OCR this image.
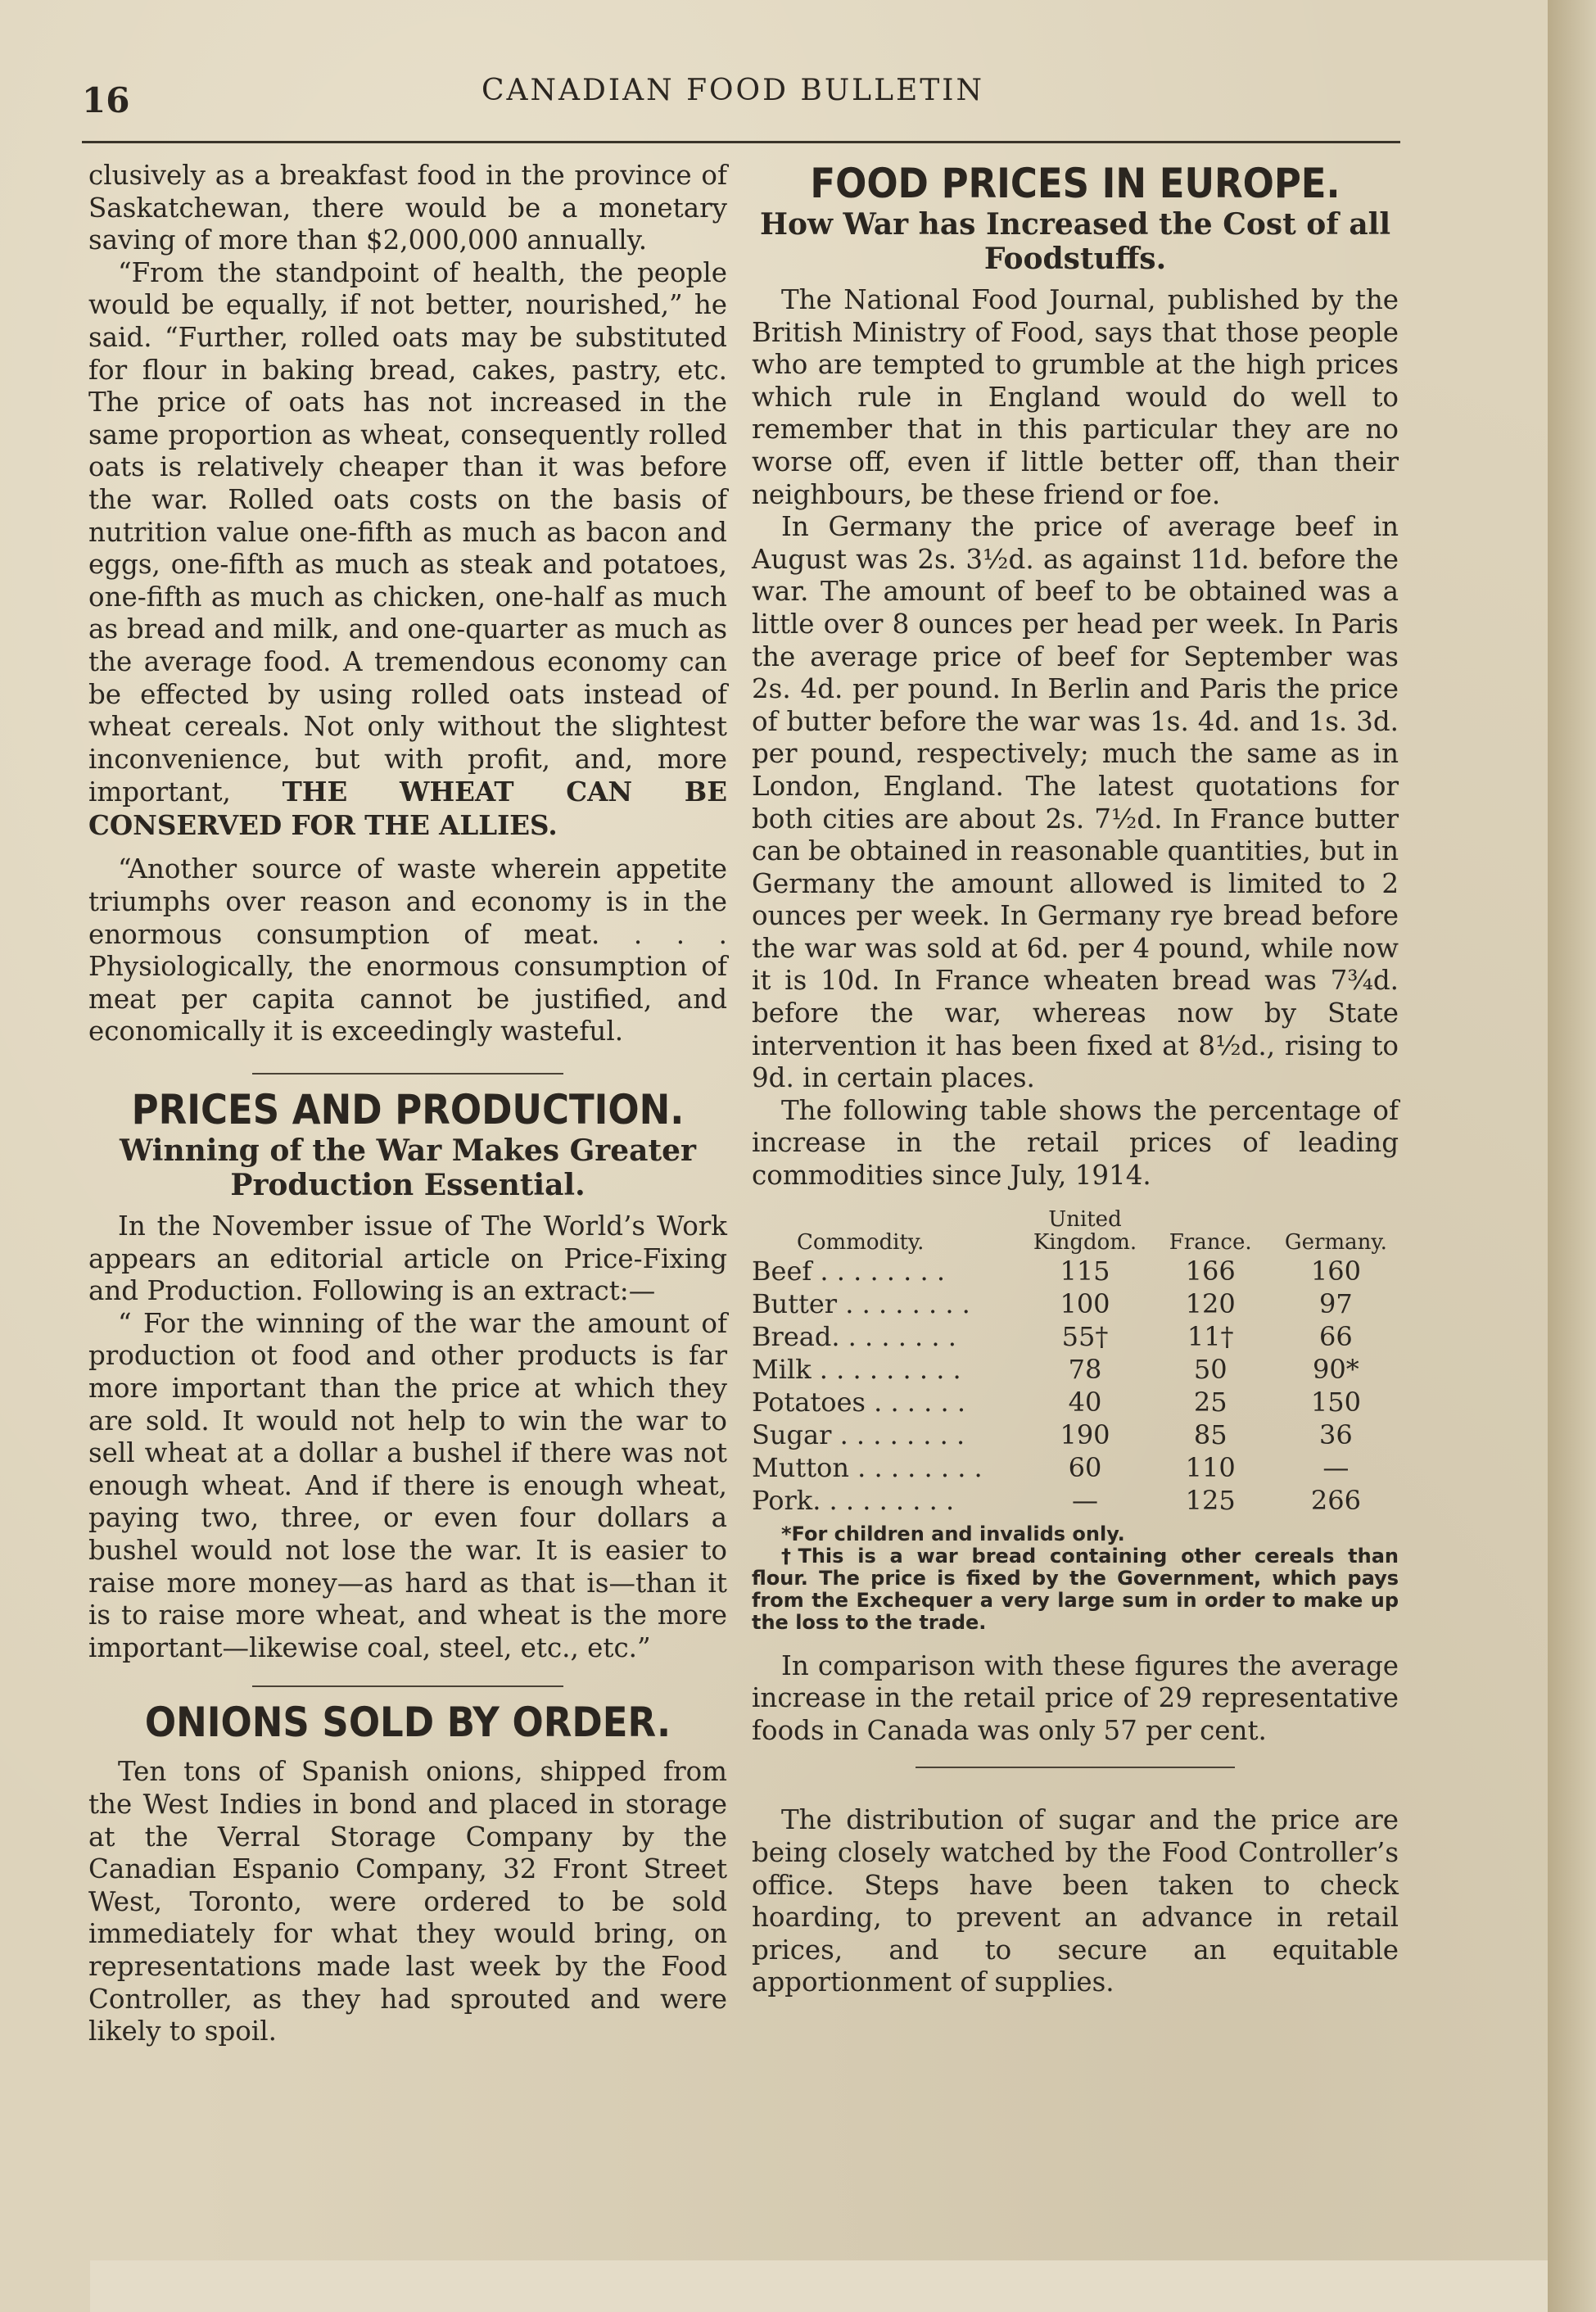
16	CANADIAN FOOD BULLETIN

clusively as a breakfast food in the province of Saskatchewan, there would be a monetary saving of more than $2,000,000 annually.

“From the standpoint of health, the people would be equally, if not better, nourished,” he said. “Further, rolled oats may be substituted for flour in baking bread, cakes, pastry, etc. The price of oats has not increased in the same proportion as wheat, consequently rolled oats is relatively cheaper than it was before the war. Rolled oats costs on the basis of nutrition value one-fifth as much as bacon and eggs, one-fifth as much as steak and potatoes, one-fifth as much as chicken, one-half as much as bread and milk, and one-quarter as much as the average food. A tremendous economy can be effected by using rolled oats instead of wheat cereals. Not only without the slightest inconvenience, but with profit, and, more important, THE WHEAT CAN BE CONSERVED FOR THE ALLIES.

“Another source of waste wherein appetite triumphs over reason and economy is in the enormous consumption of meat. . . . Physiologically, the enormous consumption of meat per capita cannot be justified, and economically it is exceedingly wasteful.

PRICES AND PRODUCTION.
Winning of the War Makes Greater Production Essential.

In the November issue of The World’s Work appears an editorial article on Price-Fixing and Production. Following is an extract:—

“ For the winning of the war the amount of production ot food and other products is far more important than the price at which they are sold. It would not help to win the war to sell wheat at a dollar a bushel if there was not enough wheat. And if there is enough wheat, paying two, three, or even four dollars a bushel would not lose the war. It is easier to raise more money—as hard as that is—than it is to raise more wheat, and wheat is the more important—likewise coal, steel, etc., etc.”

ONIONS SOLD BY ORDER.

Ten tons of Spanish onions, shipped from the West Indies in bond and placed in storage at the Verral Storage Company by the Canadian Espanio Company, 32 Front Street West, Toronto, were ordered to be sold immediately for what they would bring, on representations made last week by the Food Controller, as they had sprouted and were likely to spoil.

FOOD PRICES IN EUROPE.
How War has Increased the Cost of all Foodstuffs.

The National Food Journal, published by the British Ministry of Food, says that those people who are tempted to grumble at the high prices which rule in England would do well to remember that in this particular they are no worse off, even if little better off, than their neighbours, be these friend or foe.

In Germany the price of average beef in August was 2s. 3½d. as against 11d. before the war. The amount of beef to be obtained was a little over 8 ounces per head per week. In Paris the average price of beef for September was 2s. 4d. per pound. In Berlin and Paris the price of butter before the war was 1s. 4d. and 1s. 3d. per pound, respectively; much the same as in London, England. The latest quotations for both cities are about 2s. 7½d. In France butter can be obtained in reasonable quantities, but in Germany the amount allowed is limited to 2 ounces per week. In Germany rye bread before the war was sold at 6d. per 4 pound, while now it is 10d. In France wheaten bread was 7¾d. before the war, whereas now by State intervention it has been fixed at 8½d., rising to 9d. in certain places.

The following table shows the percentage of increase in the retail prices of leading commodities since July, 1914.

Commodity.	United Kingdom.	France.	Germany.
Beef . . . . . . . .	115	166	160
Butter . . . . . . . .	100	120	97
Bread. . . . . . . .	55†	11†	66
Milk . . . . . . . . .	78	50	90*
Potatoes . . . . . .	40	25	150
Sugar . . . . . . . .	190	85	36
Mutton . . . . . . . .	60	110	—
Pork. . . . . . . . .	—	125	266

*For children and invalids only.

†This is a war bread containing other cereals than flour. The price is fixed by the Government, which pays from the Exchequer a very large sum in order to make up the loss to the trade.

In comparison with these figures the average increase in the retail price of 29 representative foods in Canada was only 57 per cent.

The distribution of sugar and the price are being closely watched by the Food Controller’s office. Steps have been taken to check hoarding, to prevent an advance in retail prices, and to secure an equitable apportionment of supplies.
